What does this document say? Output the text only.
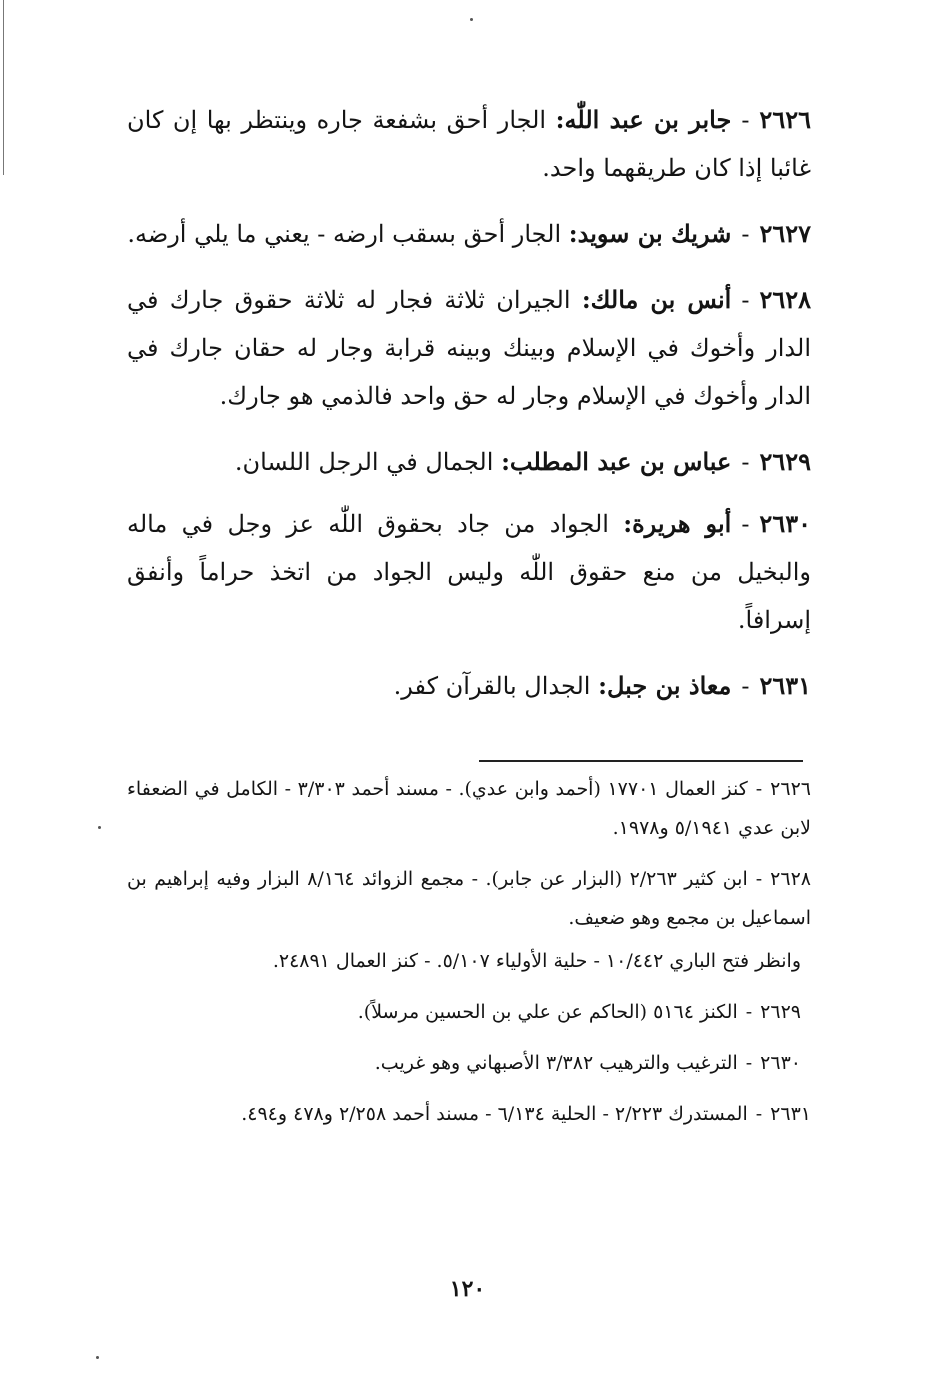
٢٦٢٦-جابر بن عبد اللّٰه: الجار أحق بشفعة جاره وينتظر بها إن كان غائبا إذا كان طريقهما واحد.

٢٦٢٧-شريك بن سويد: الجار أحق بسقب ارضه - يعني ما يلي أرضه.

٢٦٢٨-أنس بن مالك: الجيران ثلاثة فجار له ثلاثة حقوق جارك في الدار وأخوك في الإسلام وبينك وبينه قرابة وجار له حقان جارك في الدار وأخوك في الإسلام وجار له حق واحد فالذمي هو جارك.

٢٦٢٩-عباس بن عبد المطلب: الجمال في الرجل اللسان.

٢٦٣٠-أبو هريرة: الجواد من جاد بحقوق اللّٰه عز وجل في ماله والبخيل من منع حقوق اللّٰه وليس الجواد من اتخذ حراماً وأنفق إسرافاً.

٢٦٣١-معاذ بن جبل: الجدال بالقرآن كفر.

٢٦٢٦-كنز العمال ١٧٧٠١ (أحمد وابن عدي). - مسند أحمد ٣/٣٠٣ - الكامل في الضعفاء لابن عدي ٥/١٩٤١ و١٩٧٨.

٢٦٢٨-ابن كثير ٢/٢٦٣ (البزار عن جابر). - مجمع الزوائد ٨/١٦٤ البزار وفيه إبراهيم بن اسماعيل بن مجمع وهو ضعيف.

وانظر فتح الباري ١٠/٤٤٢ - حلية الأولياء ٥/١٠٧. - كنز العمال ٢٤٨٩١.

٢٦٢٩-الكنز ٥١٦٤ (الحاكم عن علي بن الحسين مرسلاً).

٢٦٣٠-الترغيب والترهيب ٣/٣٨٢ الأصبهاني وهو غريب.

٢٦٣١-المستدرك ٢/٢٢٣ - الحلية ٦/١٣٤ - مسند أحمد ٢/٢٥٨ و٤٧٨ و٤٩٤.

١٢٠
